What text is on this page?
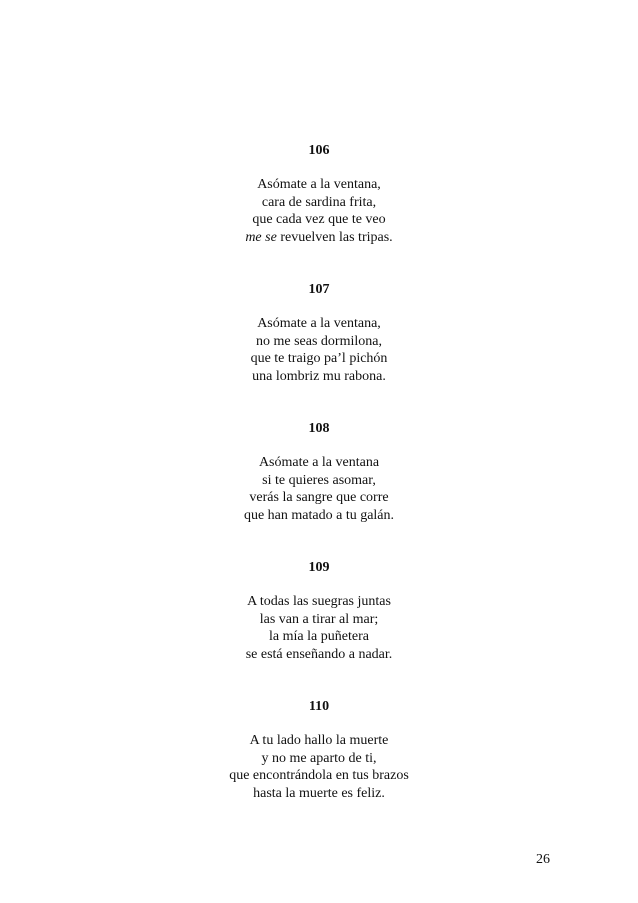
106
Asómate a la ventana,
cara de sardina frita,
que cada vez que te veo
me se revuelven las tripas.
107
Asómate a la ventana,
no me seas dormilona,
que te traigo pa’l pichón
una lombriz mu rabona.
108
Asómate a la ventana
si te quieres asomar,
verás la sangre que corre
que han matado a tu galán.
109
A todas las suegras juntas
las van a tirar al mar;
la mía la puñetera
se está enseñando a nadar.
110
A tu lado hallo la muerte
y no me aparto de ti,
que encontrándola en tus brazos
hasta la muerte es feliz.
26
